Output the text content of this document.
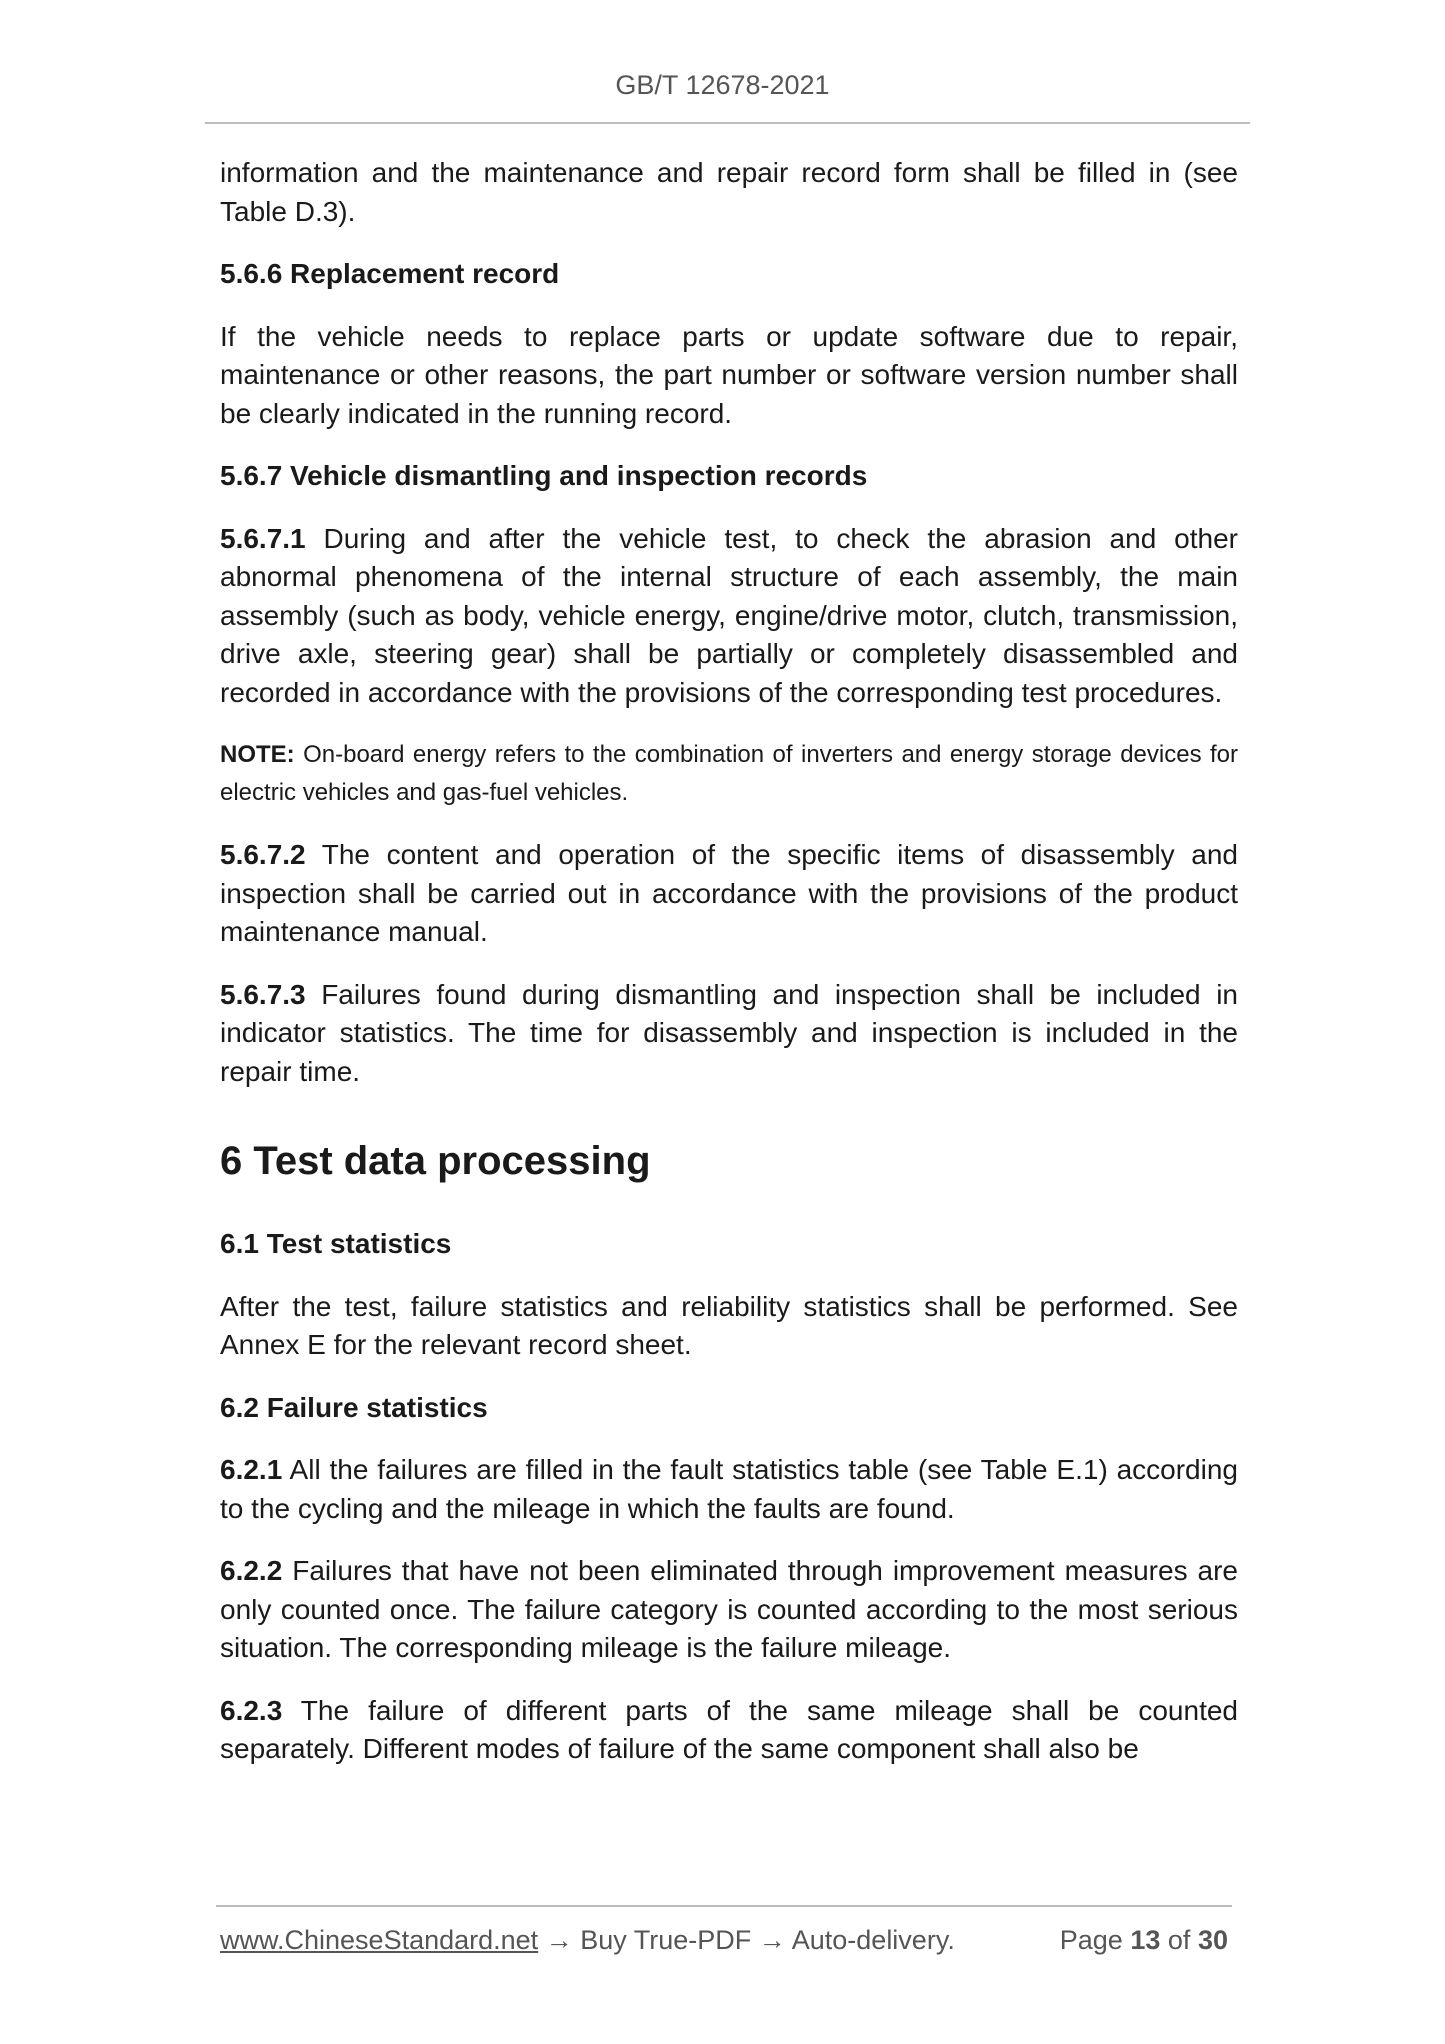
GB/T 12678-2021

information and the maintenance and repair record form shall be filled in (see Table D.3).

5.6.6 Replacement record

If the vehicle needs to replace parts or update software due to repair, maintenance or other reasons, the part number or software version number shall be clearly indicated in the running record.

5.6.7 Vehicle dismantling and inspection records

5.6.7.1 During and after the vehicle test, to check the abrasion and other abnormal phenomena of the internal structure of each assembly, the main assembly (such as body, vehicle energy, engine/drive motor, clutch, transmission, drive axle, steering gear) shall be partially or completely disassembled and recorded in accordance with the provisions of the corresponding test procedures.

NOTE: On-board energy refers to the combination of inverters and energy storage devices for electric vehicles and gas-fuel vehicles.

5.6.7.2 The content and operation of the specific items of disassembly and inspection shall be carried out in accordance with the provisions of the product maintenance manual.

5.6.7.3 Failures found during dismantling and inspection shall be included in indicator statistics. The time for disassembly and inspection is included in the repair time.

6 Test data processing
6.1 Test statistics

After the test, failure statistics and reliability statistics shall be performed. See Annex E for the relevant record sheet.

6.2 Failure statistics

6.2.1 All the failures are filled in the fault statistics table (see Table E.1) according to the cycling and the mileage in which the faults are found.

6.2.2 Failures that have not been eliminated through improvement measures are only counted once. The failure category is counted according to the most serious situation. The corresponding mileage is the failure mileage.

6.2.3 The failure of different parts of the same mileage shall be counted separately. Different modes of failure of the same component shall also be

www.ChineseStandard.net → Buy True-PDF → Auto-delivery.	Page 13 of 30
